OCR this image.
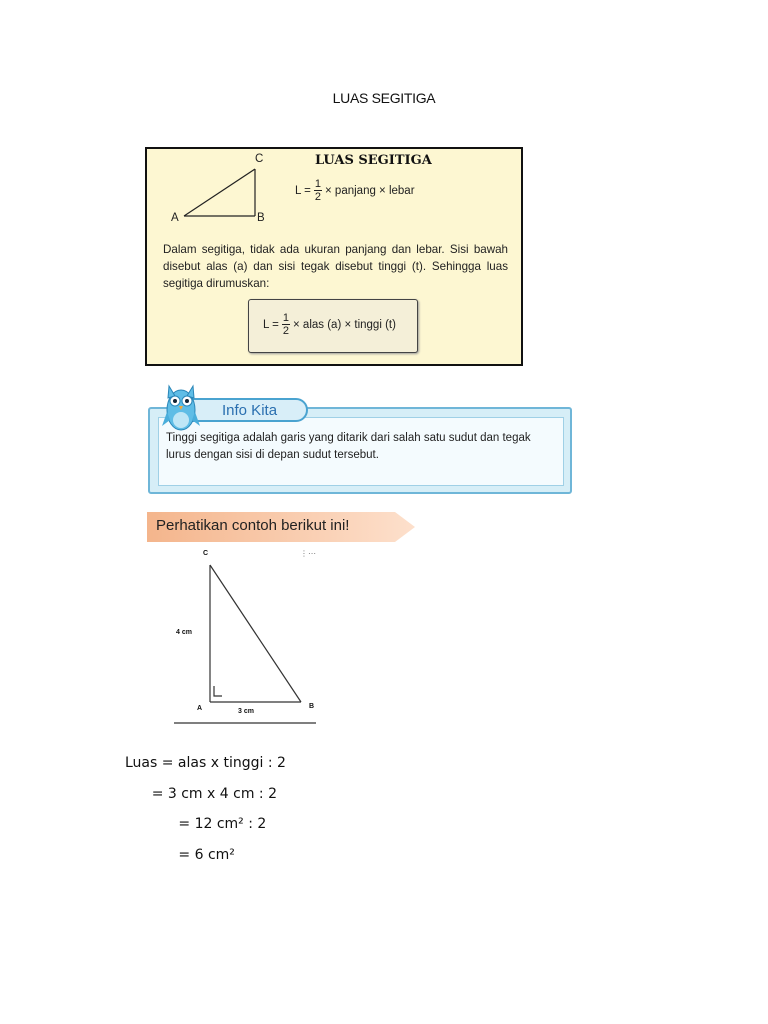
LUAS SEGITIGA
A	B
C	LUAS SEGITIGA
$L = \frac{1}{2}$ × panjang × lebar
Dalam segitiga, tidak ada ukuran panjang dan lebar. Sisi bawah disebut alas (a) dan sisi tegak disebut tinggi (t). Sehingga luas segitiga dirumuskan:
$L = \frac{1}{2}$ × alas (a) × tinggi (t)
Tinggi segitiga adalah garis yang ditarik dari salah satu sudut dan tegak lurus dengan sisi di depan sudut tersebut.
Info Kita
Perhatikan contoh berikut ini!
⋮⋯
C
A	B
4 cm
3 cm
Luas = alas x tinggi : 2
= 3 cm x 4 cm : 2
= 12 cm² : 2
= 6 cm²
